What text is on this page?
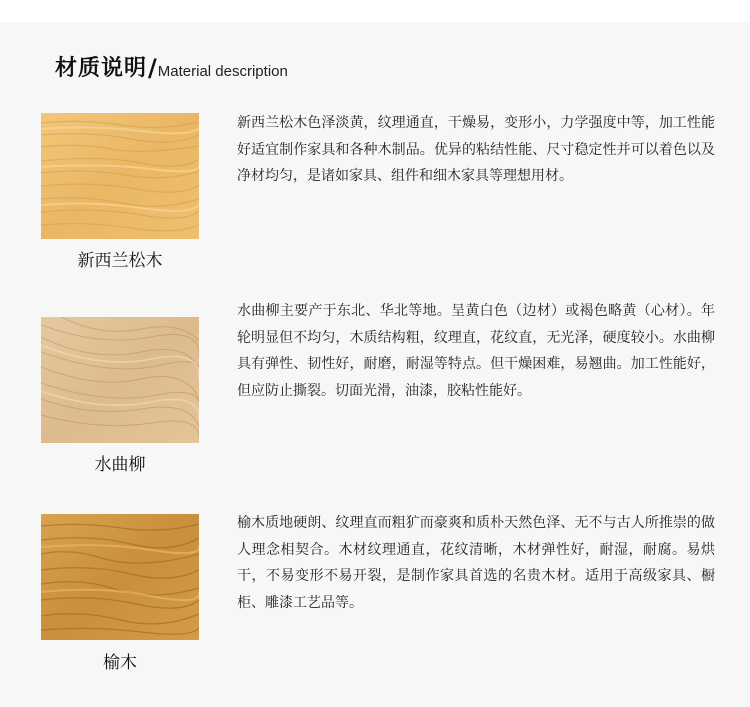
材质说明 / Material description
新西兰松木
新西兰松木色泽淡黄，纹理通直，干燥易，变形小，力学强度中等，加工性能好适宜制作家具和各种木制品。优异的粘结性能、尺寸稳定性并可以着色以及净材均匀，是诸如家具、组件和细木家具等理想用材。
水曲柳
水曲柳主要产于东北、华北等地。呈黄白色（边材）或褐色略黄（心材）。年轮明显但不均匀，木质结构粗，纹理直，花纹直，无光泽，硬度较小。水曲柳具有弹性、韧性好，耐磨，耐湿等特点。但干燥困难，易翘曲。加工性能好，但应防止撕裂。切面光滑，油漆，胶粘性能好。
榆木
榆木质地硬朗、纹理直而粗犷而豪爽和质朴天然色泽、无不与古人所推崇的做人理念相契合。木材纹理通直，花纹清晰，木材弹性好，耐湿，耐腐。易烘干，不易变形不易开裂，是制作家具首选的名贵木材。适用于高级家具、橱柜、雕漆工艺品等。
